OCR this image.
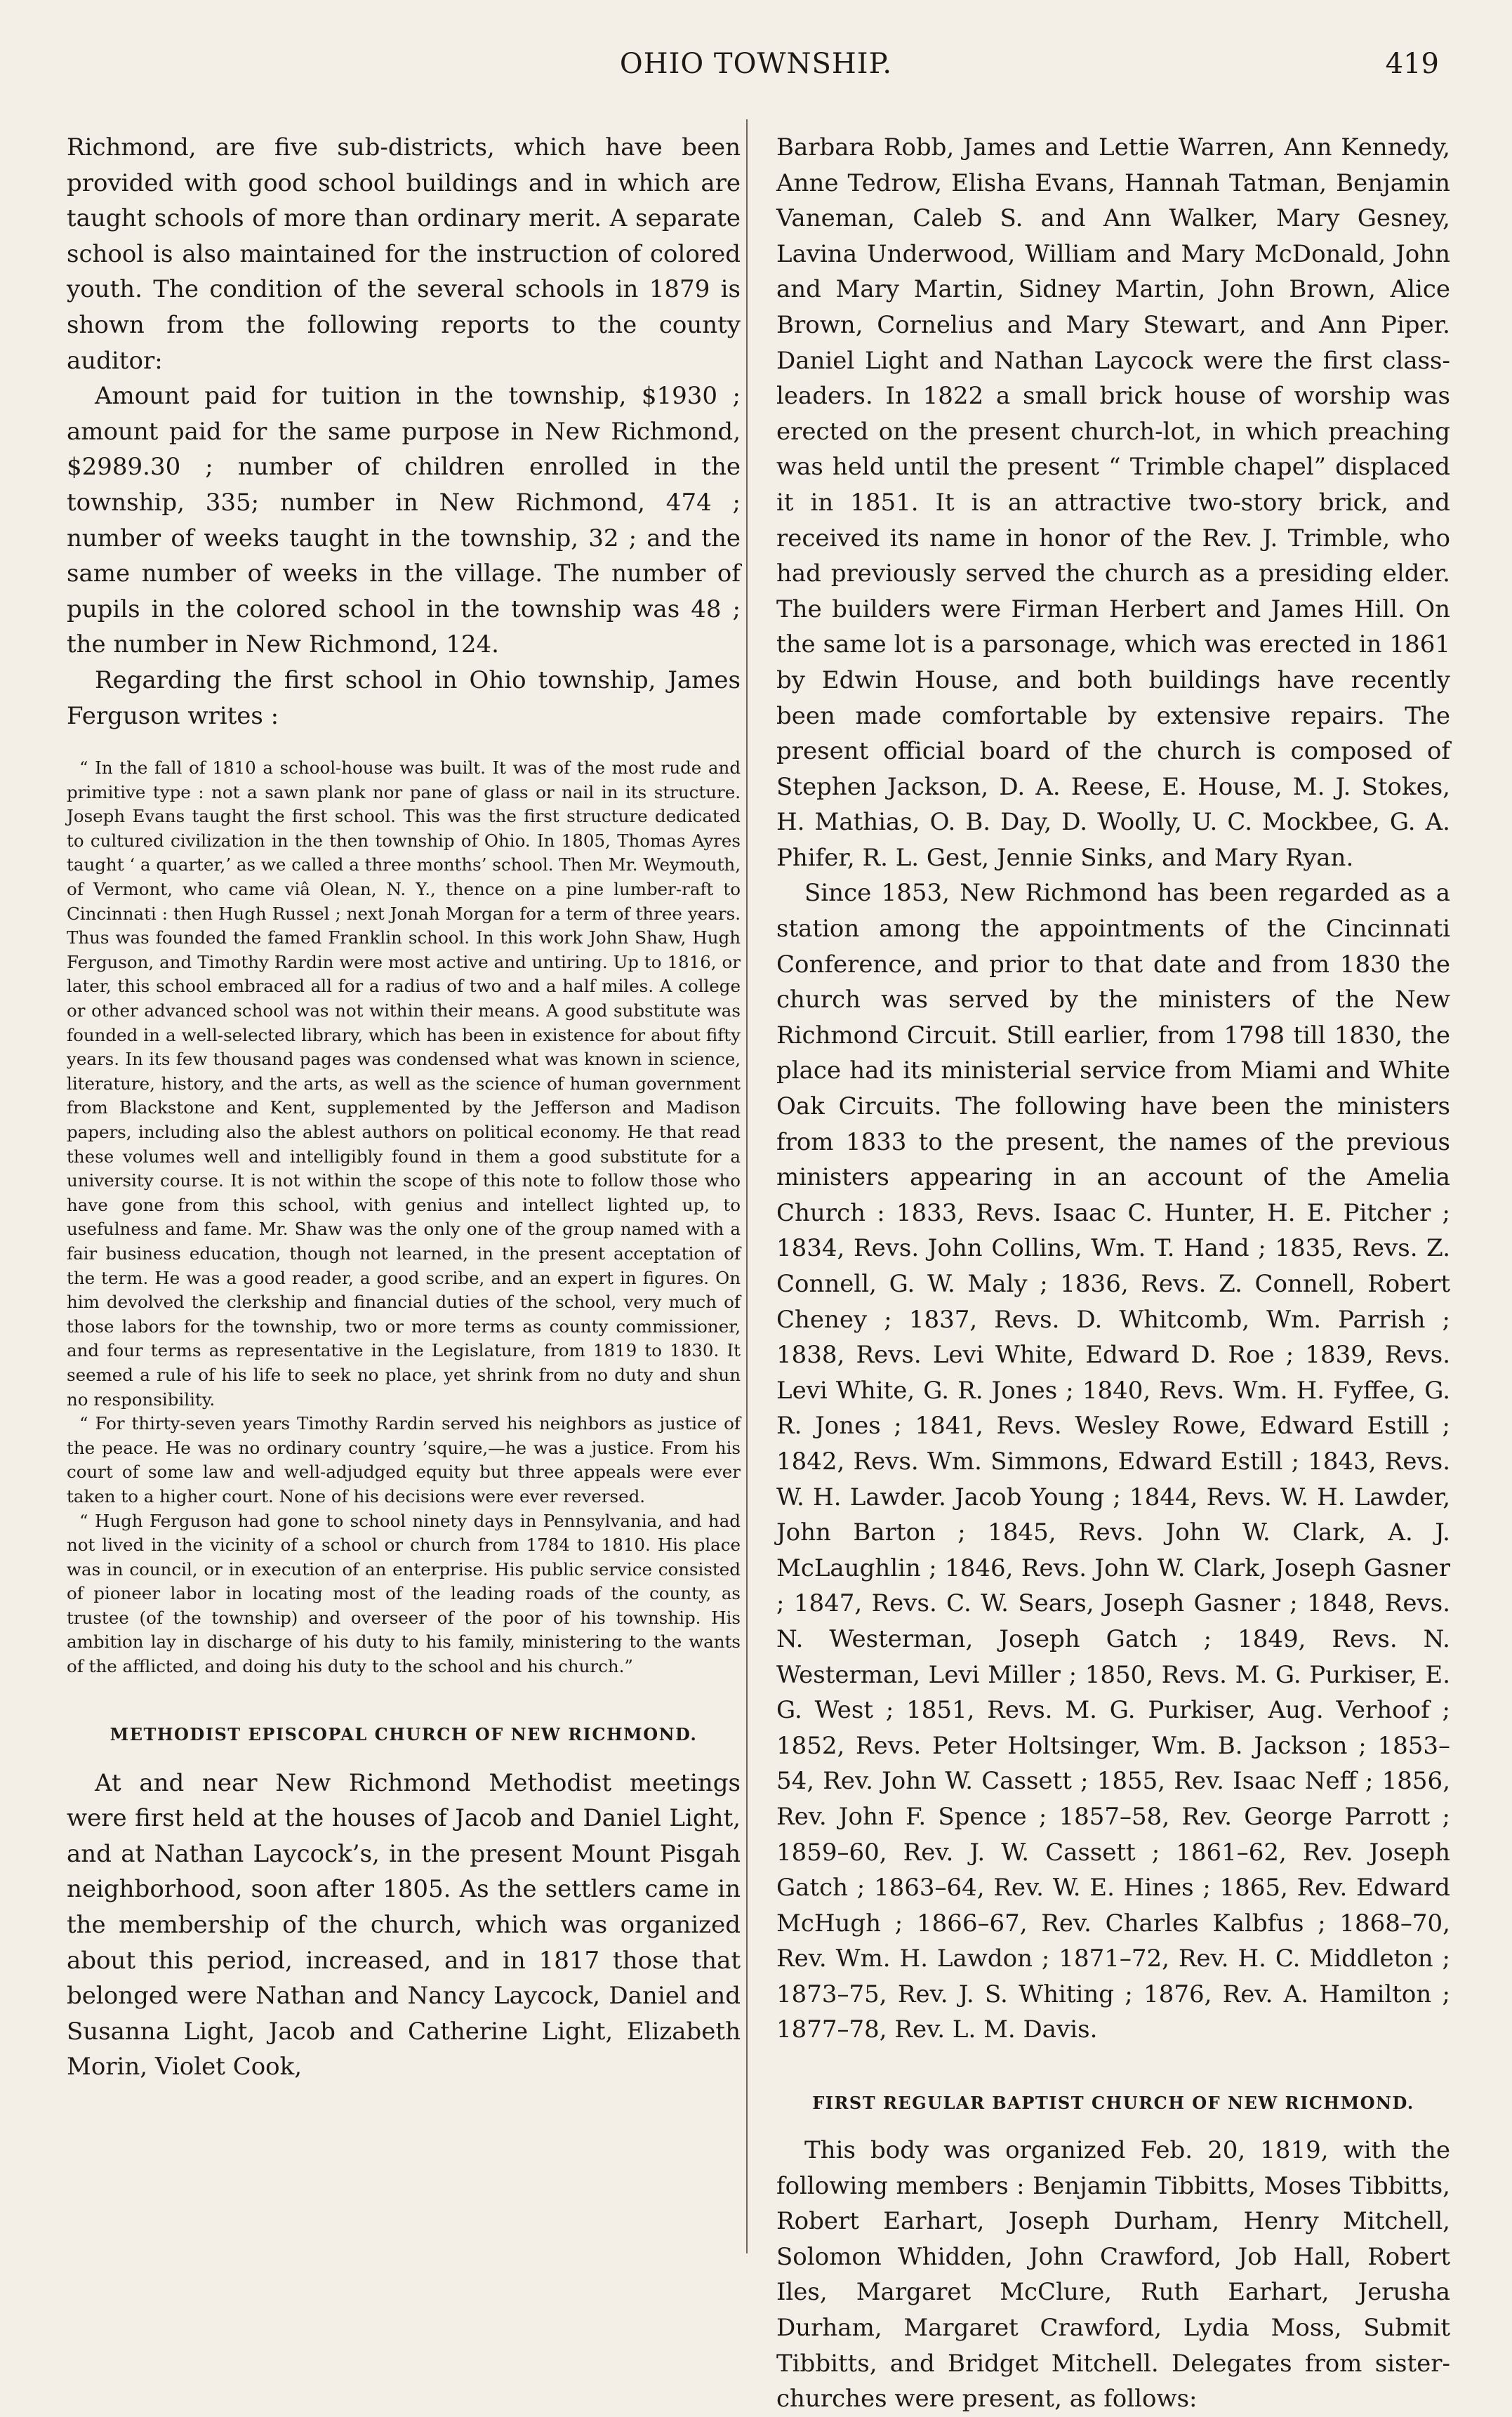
OHIO TOWNSHIP.	419

Richmond, are five sub-districts, which have been provided with good school buildings and in which are taught schools of more than ordinary merit. A separate school is also maintained for the instruction of colored youth. The condition of the several schools in 1879 is shown from the following reports to the county auditor:

Amount paid for tuition in the township, $1930 ; amount paid for the same purpose in New Richmond, $2989.30 ; number of children enrolled in the township, 335; number in New Richmond, 474 ; number of weeks taught in the township, 32 ; and the same number of weeks in the village. The number of pupils in the colored school in the township was 48 ; the number in New Richmond, 124.

Regarding the first school in Ohio township, James Ferguson writes :

“ In the fall of 1810 a school-house was built. It was of the most rude and primitive type : not a sawn plank nor pane of glass or nail in its structure. Joseph Evans taught the first school. This was the first structure dedicated to cultured civilization in the then township of Ohio. In 1805, Thomas Ayres taught ‘ a quarter,’ as we called a three months’ school. Then Mr. Weymouth, of Vermont, who came viâ Olean, N. Y., thence on a pine lumber-raft to Cincinnati : then Hugh Russel ; next Jonah Morgan for a term of three years. Thus was founded the famed Franklin school. In this work John Shaw, Hugh Ferguson, and Timothy Rardin were most active and untiring. Up to 1816, or later, this school embraced all for a radius of two and a half miles. A college or other advanced school was not within their means. A good substitute was founded in a well-selected library, which has been in existence for about fifty years. In its few thousand pages was condensed what was known in science, literature, history, and the arts, as well as the science of human government from Blackstone and Kent, supplemented by the Jefferson and Madison papers, including also the ablest authors on political economy. He that read these volumes well and intelligibly found in them a good substitute for a university course. It is not within the scope of this note to follow those who have gone from this school, with genius and intellect lighted up, to usefulness and fame. Mr. Shaw was the only one of the group named with a fair business education, though not learned, in the present acceptation of the term. He was a good reader, a good scribe, and an expert in figures. On him devolved the clerkship and financial duties of the school, very much of those labors for the township, two or more terms as county commissioner, and four terms as representative in the Legislature, from 1819 to 1830. It seemed a rule of his life to seek no place, yet shrink from no duty and shun no responsibility.

“ For thirty-seven years Timothy Rardin served his neighbors as justice of the peace. He was no ordinary country ’squire,—he was a justice. From his court of some law and well-adjudged equity but three appeals were ever taken to a higher court. None of his decisions were ever reversed.

“ Hugh Ferguson had gone to school ninety days in Pennsylvania, and had not lived in the vicinity of a school or church from 1784 to 1810. His place was in council, or in execution of an enterprise. His public service consisted of pioneer labor in locating most of the leading roads of the county, as trustee (of the township) and overseer of the poor of his township. His ambition lay in discharge of his duty to his family, ministering to the wants of the afflicted, and doing his duty to the school and his church.”

METHODIST EPISCOPAL CHURCH OF NEW RICHMOND.

At and near New Richmond Methodist meetings were first held at the houses of Jacob and Daniel Light, and at Nathan Laycock’s, in the present Mount Pisgah neighborhood, soon after 1805. As the settlers came in the membership of the church, which was organized about this period, increased, and in 1817 those that belonged were Nathan and Nancy Laycock, Daniel and Susanna Light, Jacob and Catherine Light, Elizabeth Morin, Violet Cook,

Barbara Robb, James and Lettie Warren, Ann Kennedy, Anne Tedrow, Elisha Evans, Hannah Tatman, Benjamin Vaneman, Caleb S. and Ann Walker, Mary Gesney, Lavina Underwood, William and Mary McDonald, John and Mary Martin, Sidney Martin, John Brown, Alice Brown, Cornelius and Mary Stewart, and Ann Piper. Daniel Light and Nathan Laycock were the first class-leaders. In 1822 a small brick house of worship was erected on the present church-lot, in which preaching was held until the present “ Trimble chapel” displaced it in 1851. It is an attractive two-story brick, and received its name in honor of the Rev. J. Trimble, who had previously served the church as a presiding elder. The builders were Firman Herbert and James Hill. On the same lot is a parsonage, which was erected in 1861 by Edwin House, and both buildings have recently been made comfortable by extensive repairs. The present official board of the church is composed of Stephen Jackson, D. A. Reese, E. House, M. J. Stokes, H. Mathias, O. B. Day, D. Woolly, U. C. Mockbee, G. A. Phifer, R. L. Gest, Jennie Sinks, and Mary Ryan.

Since 1853, New Richmond has been regarded as a station among the appointments of the Cincinnati Conference, and prior to that date and from 1830 the church was served by the ministers of the New Richmond Circuit. Still earlier, from 1798 till 1830, the place had its ministerial service from Miami and White Oak Circuits. The following have been the ministers from 1833 to the present, the names of the previous ministers appearing in an account of the Amelia Church : 1833, Revs. Isaac C. Hunter, H. E. Pitcher ; 1834, Revs. John Collins, Wm. T. Hand ; 1835, Revs. Z. Connell, G. W. Maly ; 1836, Revs. Z. Connell, Robert Cheney ; 1837, Revs. D. Whitcomb, Wm. Parrish ; 1838, Revs. Levi White, Edward D. Roe ; 1839, Revs. Levi White, G. R. Jones ; 1840, Revs. Wm. H. Fyffee, G. R. Jones ; 1841, Revs. Wesley Rowe, Edward Estill ; 1842, Revs. Wm. Simmons, Edward Estill ; 1843, Revs. W. H. Lawder. Jacob Young ; 1844, Revs. W. H. Lawder, John Barton ; 1845, Revs. John W. Clark, A. J. McLaughlin ; 1846, Revs. John W. Clark, Joseph Gasner ; 1847, Revs. C. W. Sears, Joseph Gasner ; 1848, Revs. N. Westerman, Joseph Gatch ; 1849, Revs. N. Westerman, Levi Miller ; 1850, Revs. M. G. Purkiser, E. G. West ; 1851, Revs. M. G. Purkiser, Aug. Verhoof ; 1852, Revs. Peter Holtsinger, Wm. B. Jackson ; 1853–54, Rev. John W. Cassett ; 1855, Rev. Isaac Neff ; 1856, Rev. John F. Spence ; 1857–58, Rev. George Parrott ; 1859–60, Rev. J. W. Cassett ; 1861–62, Rev. Joseph Gatch ; 1863–64, Rev. W. E. Hines ; 1865, Rev. Edward McHugh ; 1866–67, Rev. Charles Kalbfus ; 1868–70, Rev. Wm. H. Lawdon ; 1871–72, Rev. H. C. Middleton ; 1873–75, Rev. J. S. Whiting ; 1876, Rev. A. Hamilton ; 1877–78, Rev. L. M. Davis.

FIRST REGULAR BAPTIST CHURCH OF NEW RICHMOND.

This body was organized Feb. 20, 1819, with the following members : Benjamin Tibbitts, Moses Tibbitts, Robert Earhart, Joseph Durham, Henry Mitchell, Solomon Whidden, John Crawford, Job Hall, Robert Iles, Margaret McClure, Ruth Earhart, Jerusha Durham, Margaret Crawford, Lydia Moss, Submit Tibbitts, and Bridget Mitchell. Delegates from sister-churches were present, as follows:
